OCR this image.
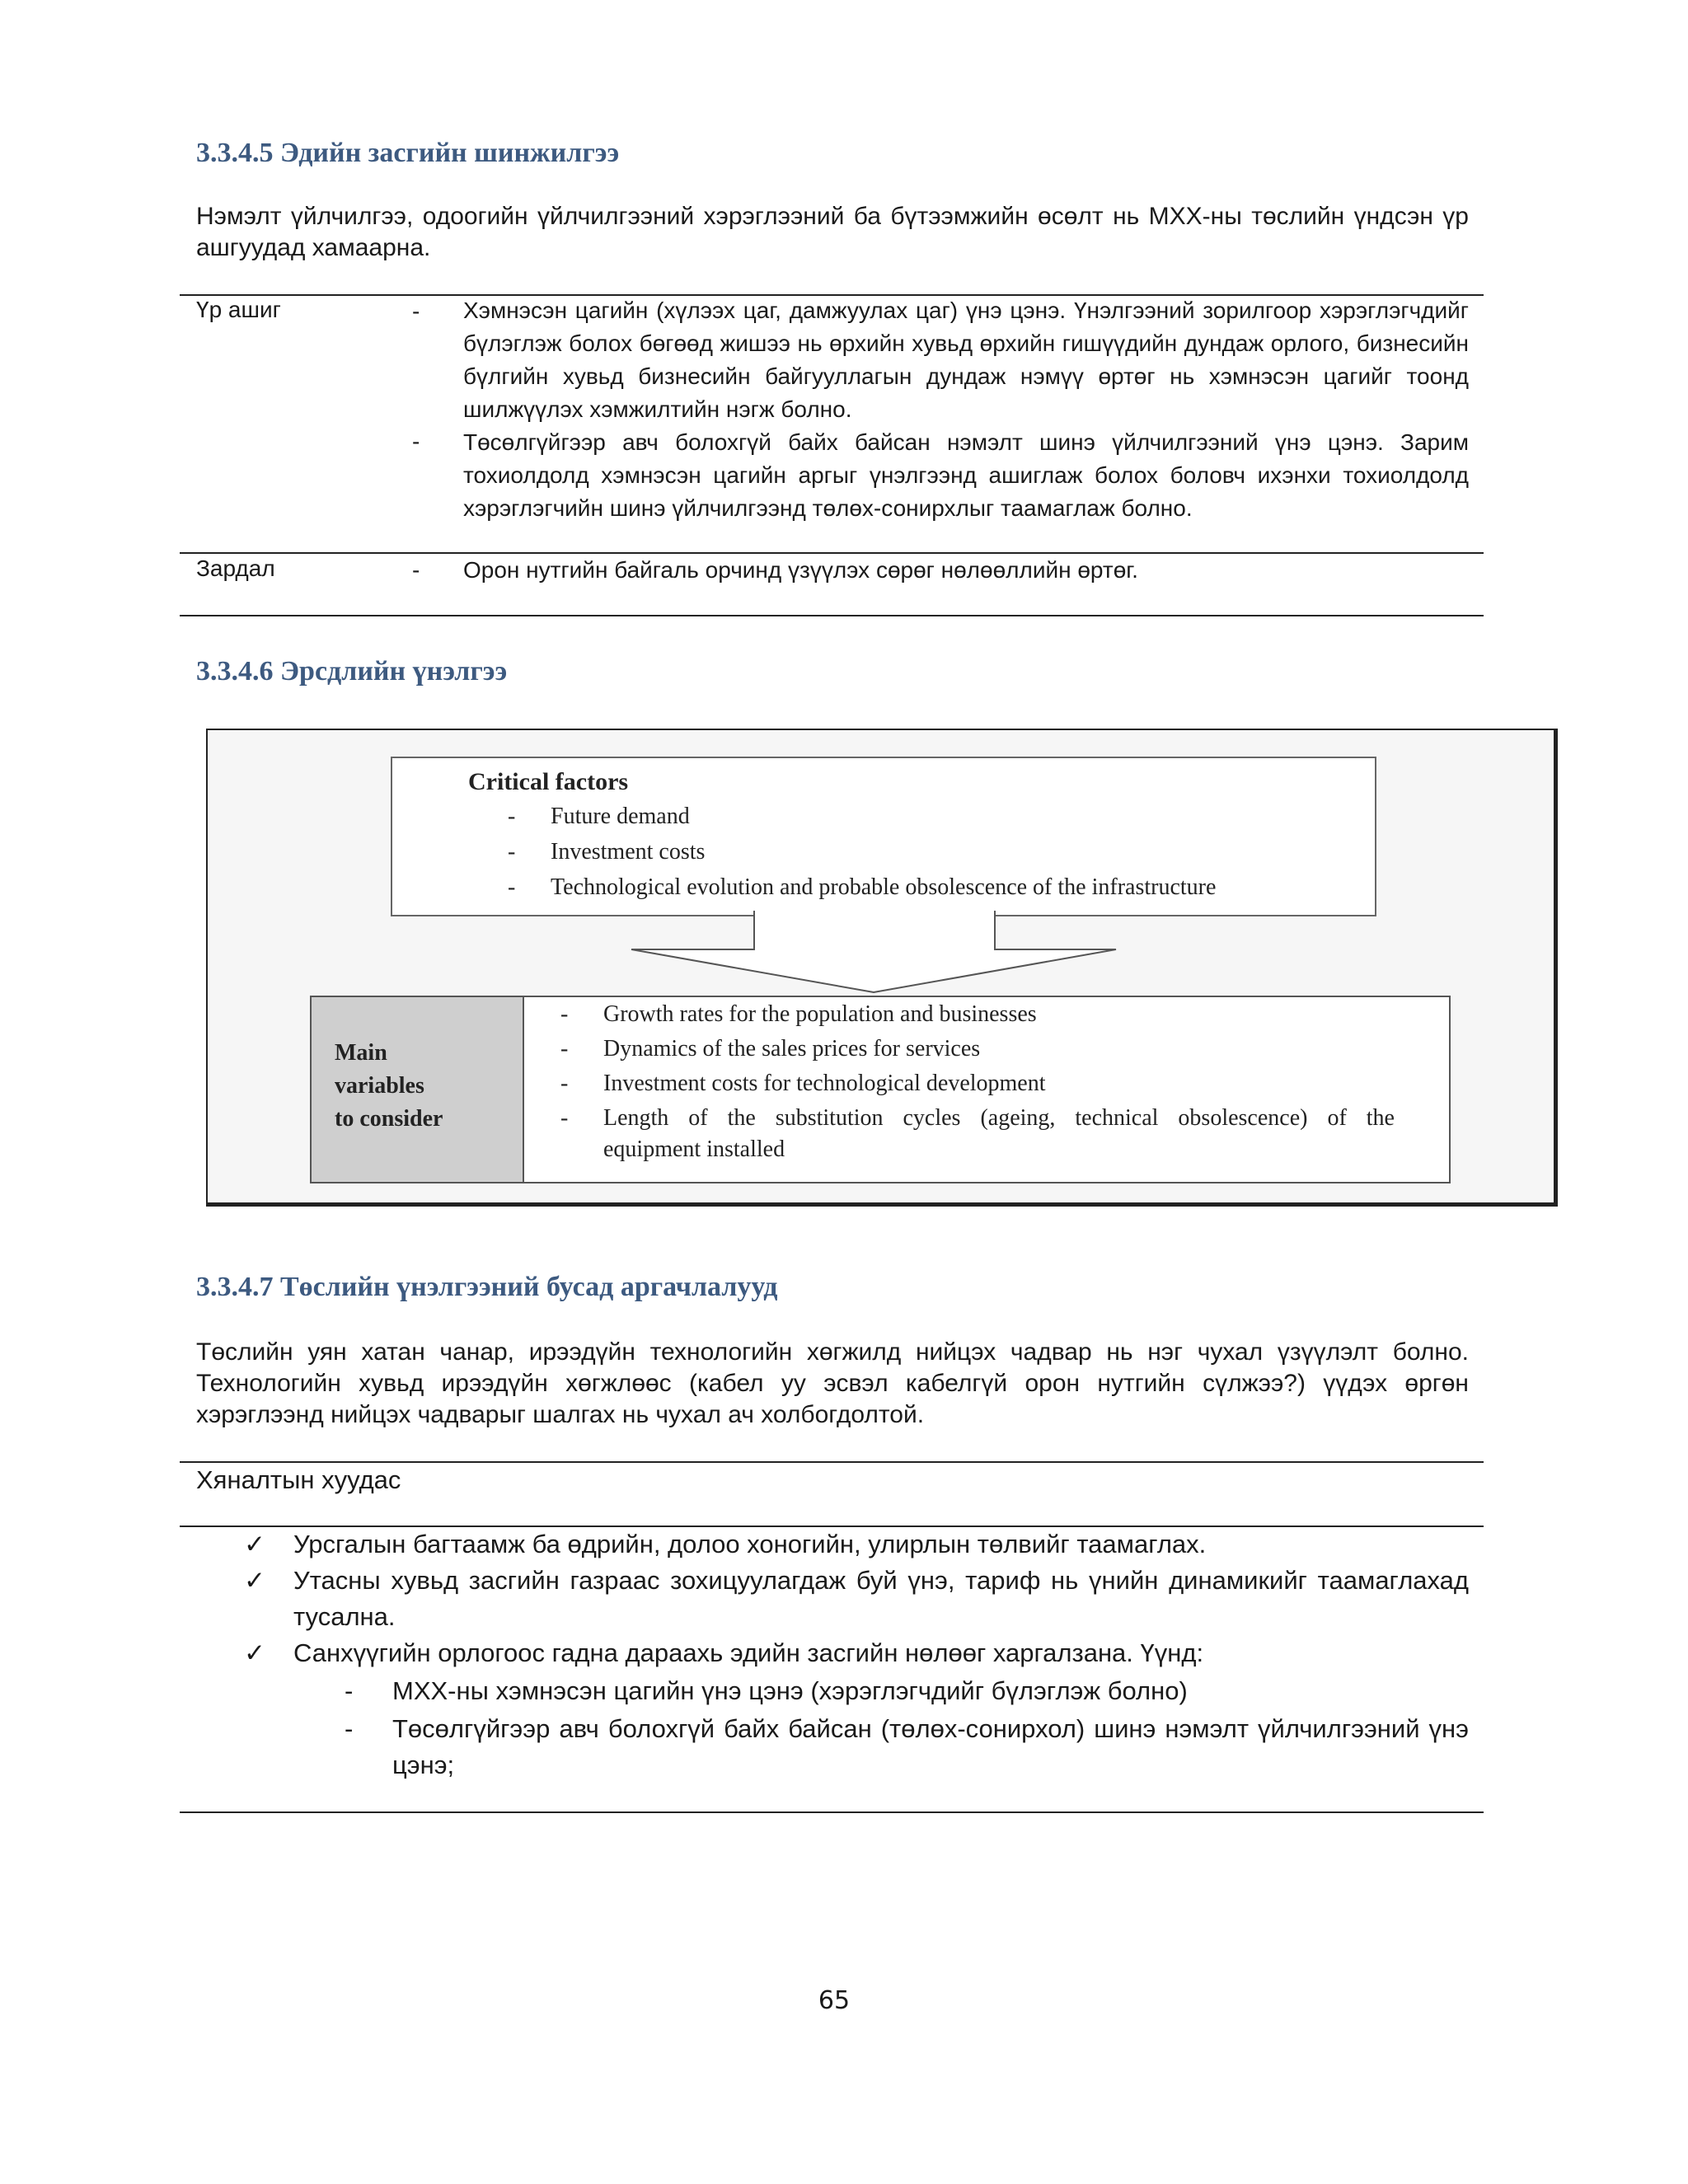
3.3.4.5 Эдийн засгийн шинжилгээ
Нэмэлт үйлчилгээ, одоогийн үйлчилгээний хэрэглээний ба бүтээмжийн өсөлт нь МХХ-ны төслийн үндсэн үр ашгуудад хамаарна.
Үр ашиг	- Хэмнэсэн цагийн (хүлээх цаг, дамжуулах цаг) үнэ цэнэ. Үнэлгээний зорилгоор хэрэглэгчдийг бүлэглэж болох бөгөөд жишээ нь өрхийн хувьд өрхийн гишүүдийн дундаж орлого, бизнесийн бүлгийн хувьд бизнесийн байгууллагын дундаж нэмүү өртөг нь хэмнэсэн цагийг тоонд шилжүүлэх хэмжилтийн нэгж болно.
- Төсөлгүйгээр авч болохгүй байх байсан нэмэлт шинэ үйлчилгээний үнэ цэнэ. Зарим тохиолдолд хэмнэсэн цагийн аргыг үнэлгээнд ашиглаж болох боловч ихэнхи тохиолдолд хэрэглэгчийн шинэ үйлчилгээнд төлөх-сонирхлыг таамаглаж болно.
Зардал	- Орон нутгийн байгаль орчинд үзүүлэх сөрөг нөлөөллийн өртөг.
3.3.4.6 Эрсдлийн үнэлгээ
Critical factors
- Future demand
- Investment costs
- Technological evolution and probable obsolescence of the infrastructure
Main
variables
to consider
- Growth rates for the population and businesses
- Dynamics of the sales prices for services
- Investment costs for technological development
- Length of the substitution cycles (ageing, technical obsolescence) of the
equipment installed
3.3.4.7 Төслийн үнэлгээний бусад аргачлалууд
Төслийн уян хатан чанар, ирээдүйн технологийн хөгжилд нийцэх чадвар нь нэг чухал үзүүлэлт болно. Технологийн хувьд ирээдүйн хөгжлөөс (кабел уу эсвэл кабелгүй орон нутгийн сүлжээ?) үүдэх өргөн хэрэглээнд нийцэх чадварыг шалгах нь чухал ач холбогдолтой.
Хяналтын хуудас
✓ Урсгалын багтаамж ба өдрийн, долоо хоногийн, улирлын төлвийг таамаглах.
✓ Утасны хувьд засгийн газраас зохицуулагдаж буй үнэ, тариф нь үнийн динамикийг таамаглахад тусална.
✓ Санхүүгийн орлогоос гадна дараахь эдийн засгийн нөлөөг харгалзана. Үүнд:
- МХХ-ны хэмнэсэн цагийн үнэ цэнэ (хэрэглэгчдийг бүлэглэж болно)
- Төсөлгүйгээр авч болохгүй байх байсан (төлөх-сонирхол) шинэ нэмэлт үйлчилгээний үнэ цэнэ;
65
